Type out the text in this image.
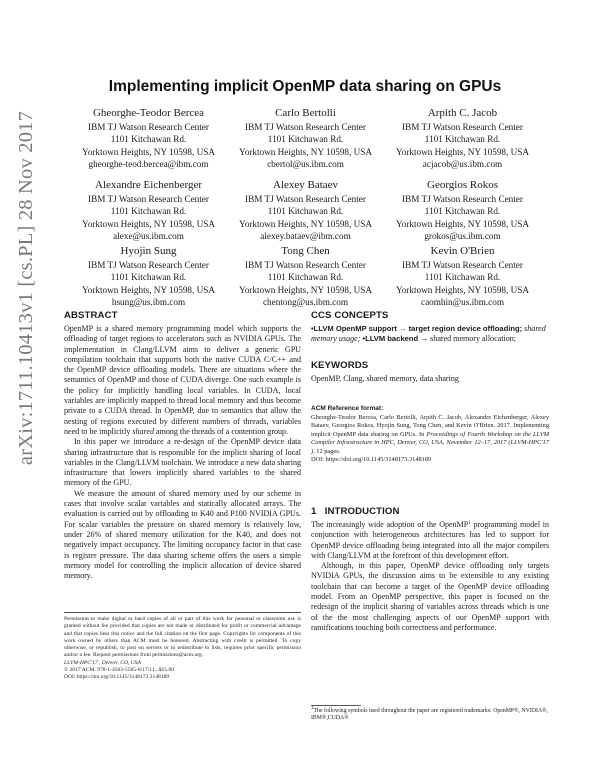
arXiv:1711.10413v1 [cs.PL] 28 Nov 2017
Implementing implicit OpenMP data sharing on GPUs
Gheorghe-Teodor Bercea
IBM TJ Watson Research Center
1101 Kitchawan Rd.
Yorktown Heights, NY 10598, USA
gheorghe-teod.bercea@ibm.com
Carlo Bertolli
IBM TJ Watson Research Center
1101 Kitchawan Rd.
Yorktown Heights, NY 10598, USA
cbertol@us.ibm.com
Arpith C. Jacob
IBM TJ Watson Research Center
1101 Kitchawan Rd.
Yorktown Heights, NY 10598, USA
acjacob@us.ibm.com
Alexandre Eichenberger
IBM TJ Watson Research Center
1101 Kitchawan Rd.
Yorktown Heights, NY 10598, USA
alexe@us.ibm.com
Alexey Bataev
IBM TJ Watson Research Center
1101 Kitchawan Rd.
Yorktown Heights, NY 10598, USA
alexey.bataev@ibm.com
Georgios Rokos
IBM TJ Watson Research Center
1101 Kitchawan Rd.
Yorktown Heights, NY 10598, USA
grokos@us.ibm.com
Hyojin Sung
IBM TJ Watson Research Center
1101 Kitchawan Rd.
Yorktown Heights, NY 10598, USA
hsung@us.ibm.com
Tong Chen
IBM TJ Watson Research Center
1101 Kitchawan Rd.
Yorktown Heights, NY 10598, USA
chentong@us.ibm.com
Kevin O'Brien
IBM TJ Watson Research Center
1101 Kitchawan Rd.
Yorktown Heights, NY 10598, USA
caomhin@us.ibm.com
ABSTRACT

OpenMP is a shared memory programming model which supports the offloading of target regions to accelerators such as NVIDIA GPUs. The implementation in Clang/LLVM aims to deliver a generic GPU compilation toolchain that supports both the native CUDA C/C++ and the OpenMP device offloading models. There are situations where the semantics of OpenMP and those of CUDA diverge. One such example is the policy for implicitly handling local variables. In CUDA, local variables are implicitly mapped to thread local memory and thus become private to a CUDA thread. In OpenMP, due to semantics that allow the nesting of regions executed by different numbers of threads, variables need to be implicitly shared among the threads of a contention group.

In this paper we introduce a re-design of the OpenMP device data sharing infrastructure that is responsible for the implicit sharing of local variables in the Clang/LLVM toolchain. We introduce a new data sharing infrastructure that lowers implicitly shared variables to the shared memory of the GPU.

We measure the amount of shared memory used by our scheme in cases that involve scalar variables and statically allocated arrays. The evaluation is carried out by offloading to K40 and P100 NVIDIA GPUs. For scalar variables the pressure on shared memory is relatively low, under 26% of shared memory utilization for the K40, and does not negatively impact occupancy. The limiting occupancy factor in that case is register pressure. The data sharing scheme offers the users a simple memory model for controlling the implicit allocation of device shared memory.

Permission to make digital or hard copies of all or part of this work for personal or classroom use is granted without fee provided that copies are not made or distributed for profit or commercial advantage and that copies bear this notice and the full citation on the first page. Copyrights for components of this work owned by others than ACM must be honored. Abstracting with credit is permitted. To copy otherwise, or republish, to post on servers or to redistribute to lists, requires prior specific permission and/or a fee. Request permissions from permissions@acm.org.

LLVM-HPC'17 , Denver, CO, USA

© 2017 ACM. 978-1-4503-5565-0/17/11...$15.00

DOI: https://doi.org/10.1145/3148173.3148189

CCS CONCEPTS
•LLVM OpenMP support → target region device offloading; shared memory usage; •LLVM backend → shared memory allocation;
KEYWORDS
OpenMP, Clang, shared memory, data sharing
ACM Reference format:
Gheorghe-Teodor Bercea, Carlo Bertolli, Arpith C. Jacob, Alexandre Eichenberger, Alexey Bataev, Georgios Rokos, Hyojin Sung, Tong Chen, and Kevin O'Brien. 2017. Implementing implicit OpenMP data sharing on GPUs. In Proceedings of Fourth Workshop on the LLVM Compiler Infrastructure in HPC, Denver, CO, USA, November 12–17, 2017 (LLVM-HPC'17 ), 12 pages.
DOI: https://doi.org/10.1145/3148173.3148189
1 INTRODUCTION

The increasingly wide adoption of the OpenMP$^1$ programming model in conjunction with heterogeneous architectures has led to support for OpenMP device offloading being integrated into all the major compilers with Clang/LLVM at the forefront of this development effort.

Although, in this paper, OpenMP device offloading only targets NVIDIA GPUs, the discussion aims to be extensible to any existing toolchain that can become a target of the OpenMP device offloading model. From an OpenMP perspective, this paper is focused on the redesign of the implicit sharing of variables across threads which is one of the the most challenging aspects of our OpenMP support with ramifications touching both correctness and performance.

$^1$The following symbols used throughout the paper are registered trademarks: OpenMP®, NVIDIA®, IBM®,CUDA®
